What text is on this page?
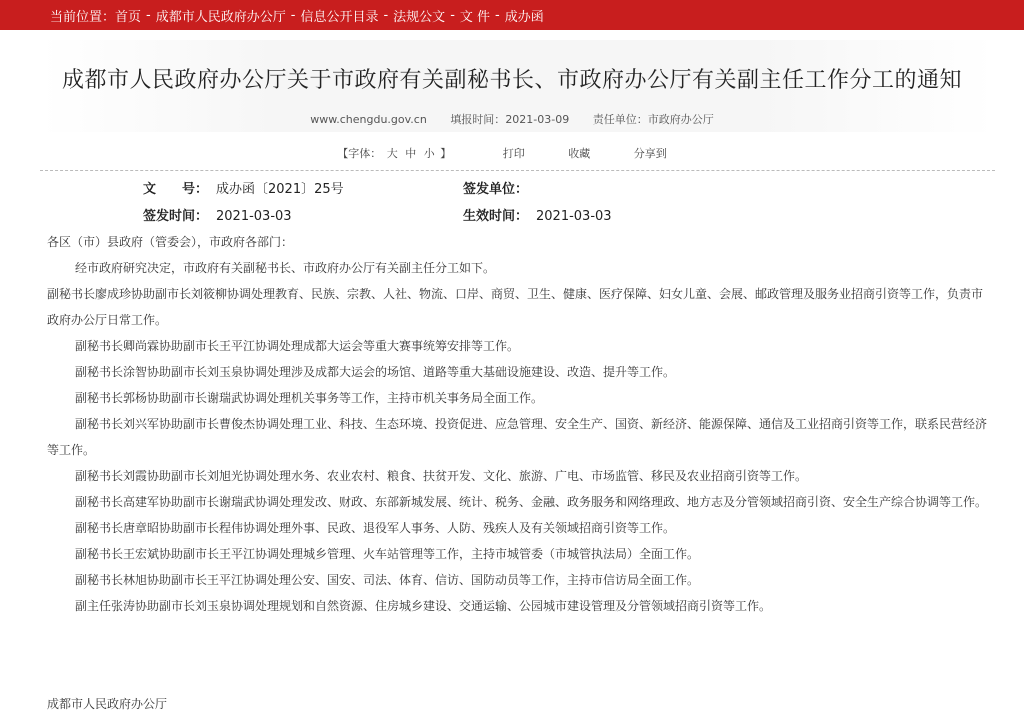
当前位置： 首页 - 成都市人民政府办公厅 - 信息公开目录 - 法规公文 - 文 件 - 成办函
成都市人民政府办公厅关于市政府有关副秘书长、市政府办公厅有关副主任工作分工的通知
www.chengdu.gov.cn 填报时间：2021-03-09 责任单位：市政府办公厅
【字体： 大 中 小 】	打印	收藏	分享到
文　　号： 成办函〔2021〕25号	签发单位：
签发时间： 2021-03-03	生效时间： 2021-03-03

各区（市）县政府（管委会），市政府各部门：

经市政府研究决定，市政府有关副秘书长、市政府办公厅有关副主任分工如下。

副秘书长廖成珍协助副市长刘筱柳协调处理教育、民族、宗教、人社、物流、口岸、商贸、卫生、健康、医疗保障、妇女儿童、会展、邮政管理及服务业招商引资等工作，负责市政府办公厅日常工作。

副秘书长卿尚霖协助副市长王平江协调处理成都大运会等重大赛事统筹安排等工作。

副秘书长涂智协助副市长刘玉泉协调处理涉及成都大运会的场馆、道路等重大基础设施建设、改造、提升等工作。

副秘书长郭杨协助副市长谢瑞武协调处理机关事务等工作，主持市机关事务局全面工作。

副秘书长刘兴军协助副市长曹俊杰协调处理工业、科技、生态环境、投资促进、应急管理、安全生产、国资、新经济、能源保障、通信及工业招商引资等工作，联系民营经济等工作。

副秘书长刘霞协助副市长刘旭光协调处理水务、农业农村、粮食、扶贫开发、文化、旅游、广电、市场监管、移民及农业招商引资等工作。

副秘书长高建军协助副市长谢瑞武协调处理发改、财政、东部新城发展、统计、税务、金融、政务服务和网络理政、地方志及分管领域招商引资、安全生产综合协调等工作。

副秘书长唐章昭协助副市长程伟协调处理外事、民政、退役军人事务、人防、残疾人及有关领域招商引资等工作。

副秘书长王宏斌协助副市长王平江协调处理城乡管理、火车站管理等工作，主持市城管委（市城管执法局）全面工作。

副秘书长林旭协助副市长王平江协调处理公安、国安、司法、体育、信访、国防动员等工作，主持市信访局全面工作。

副主任张涛协助副市长刘玉泉协调处理规划和自然资源、住房城乡建设、交通运输、公园城市建设管理及分管领域招商引资等工作。

成都市人民政府办公厅
